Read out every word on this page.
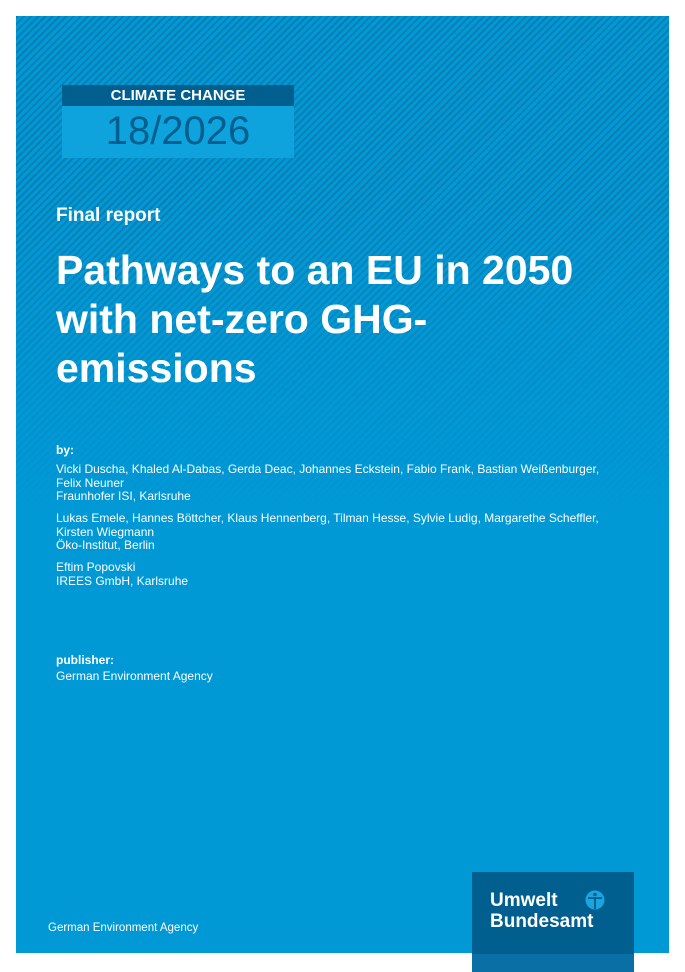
CLIMATE CHANGE
18/2026
Final report
Pathways to an EU in 2050 with net-zero GHG-emissions
by:
Vicki Duscha, Khaled Al-Dabas, Gerda Deac, Johannes Eckstein, Fabio Frank, Bastian Weißenburger, Felix Neuner
Fraunhofer ISI, Karlsruhe
Lukas Emele, Hannes Böttcher, Klaus Hennenberg, Tilman Hesse, Sylvie Ludig, Margarethe Scheffler, Kirsten Wiegmann
Öko-Institut, Berlin
Eftim Popovski
IREES GmbH, Karlsruhe
publisher:
German Environment Agency
German Environment Agency
Umwelt
Bundesamt
